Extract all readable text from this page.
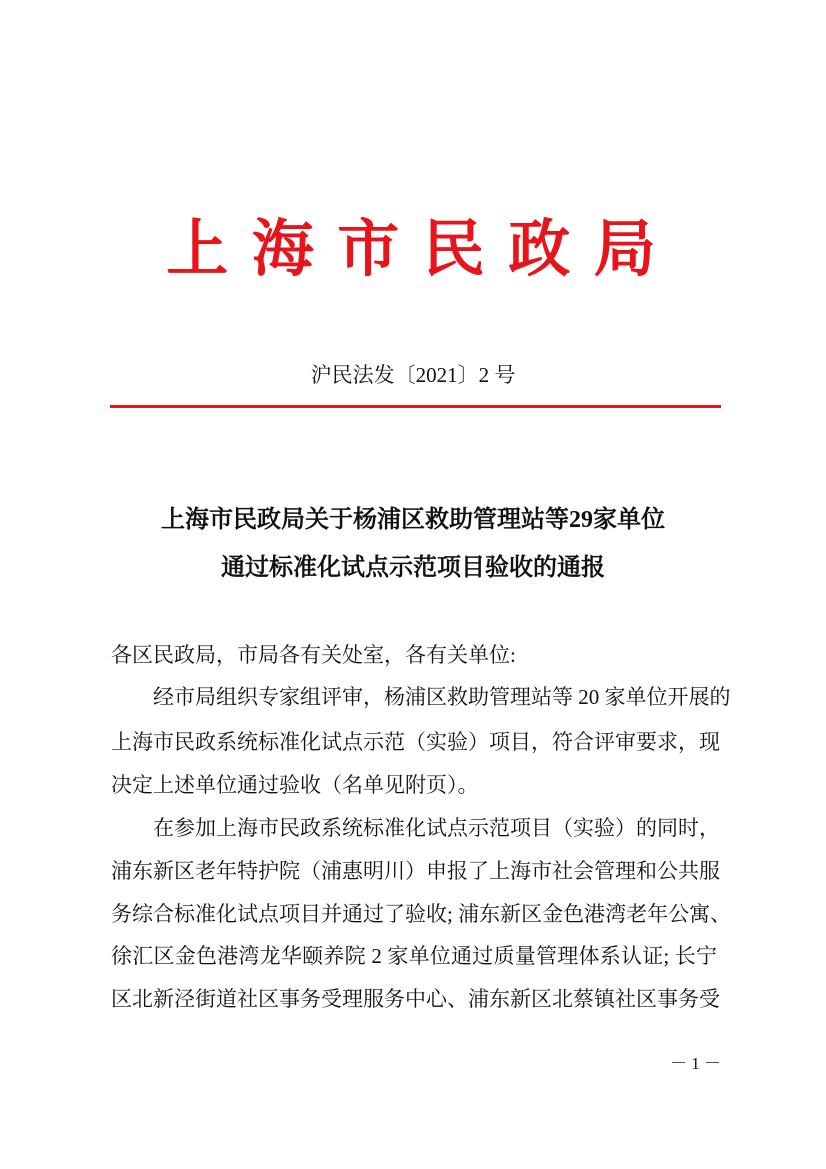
上 海 市 民 政 局
沪民法发〔2021〕2 号
上海市民政局关于杨浦区救助管理站等29家单位
通过标准化试点示范项目验收的通报
各区民政局，市局各有关处室，各有关单位:
经市局组织专家组评审，杨浦区救助管理站等 20 家单位开展的
上海市民政系统标准化试点示范（实验）项目，符合评审要求，现
决定上述单位通过验收（名单见附页）。
在参加上海市民政系统标准化试点示范项目（实验）的同时，
浦东新区老年特护院（浦惠明川）申报了上海市社会管理和公共服
务综合标准化试点项目并通过了验收; 浦东新区金色港湾老年公寓、
徐汇区金色港湾龙华颐养院 2 家单位通过质量管理体系认证; 长宁
区北新泾街道社区事务受理服务中心、浦东新区北蔡镇社区事务受
－ 1 －
